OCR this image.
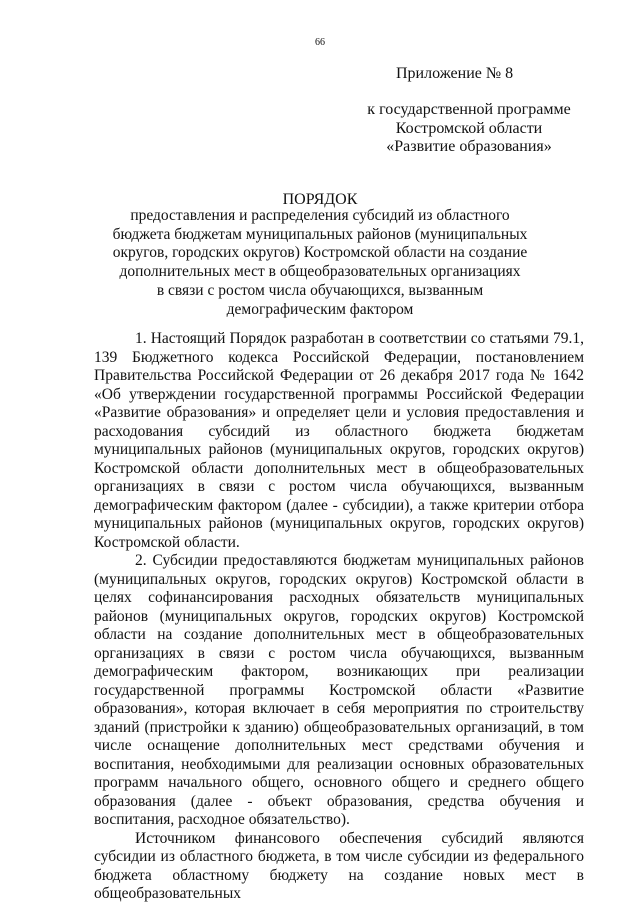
66
Приложение № 8
к государственной программе
Костромской области
«Развитие образования»
ПОРЯДОК
предоставления и распределения субсидий из областного
бюджета бюджетам муниципальных районов (муниципальных
округов, городских округов) Костромской области на создание
дополнительных мест в общеобразовательных организациях
в связи с ростом числа обучающихся, вызванным
демографическим фактором

1. Настоящий Порядок разработан в соответствии со статьями 79.1, 139 Бюджетного кодекса Российской Федерации, постановлением Правительства Российской Федерации от 26 декабря 2017 года № 1642 «Об утверждении государственной программы Российской Федерации «Развитие образования» и определяет цели и условия предоставления и расходования субсидий из областного бюджета бюджетам муниципальных районов (муниципальных округов, городских округов) Костромской области дополнительных мест в общеобразовательных организациях в связи с ростом числа обучающихся, вызванным демографическим фактором (далее - субсидии), а также критерии отбора муниципальных районов (муниципальных округов, городских округов) Костромской области.

2. Субсидии предоставляются бюджетам муниципальных районов (муниципальных округов, городских округов) Костромской области в целях софинансирования расходных обязательств муниципальных районов (муниципальных округов, городских округов) Костромской области на создание дополнительных мест в общеобразовательных организациях в связи с ростом числа обучающихся, вызванным демографическим фактором, возникающих при реализации государственной программы Костромской области «Развитие образования», которая включает в себя мероприятия по строительству зданий (пристройки к зданию) общеобразовательных организаций, в том числе оснащение дополнительных мест средствами обучения и воспитания, необходимыми для реализации основных образовательных программ начального общего, основного общего и среднего общего образования (далее - объект образования, средства обучения и воспитания, расходное обязательство).

Источником финансового обеспечения субсидий являются субсидии из областного бюджета, в том числе субсидии из федерального бюджета областному бюджету на создание новых мест в общеобразовательных
